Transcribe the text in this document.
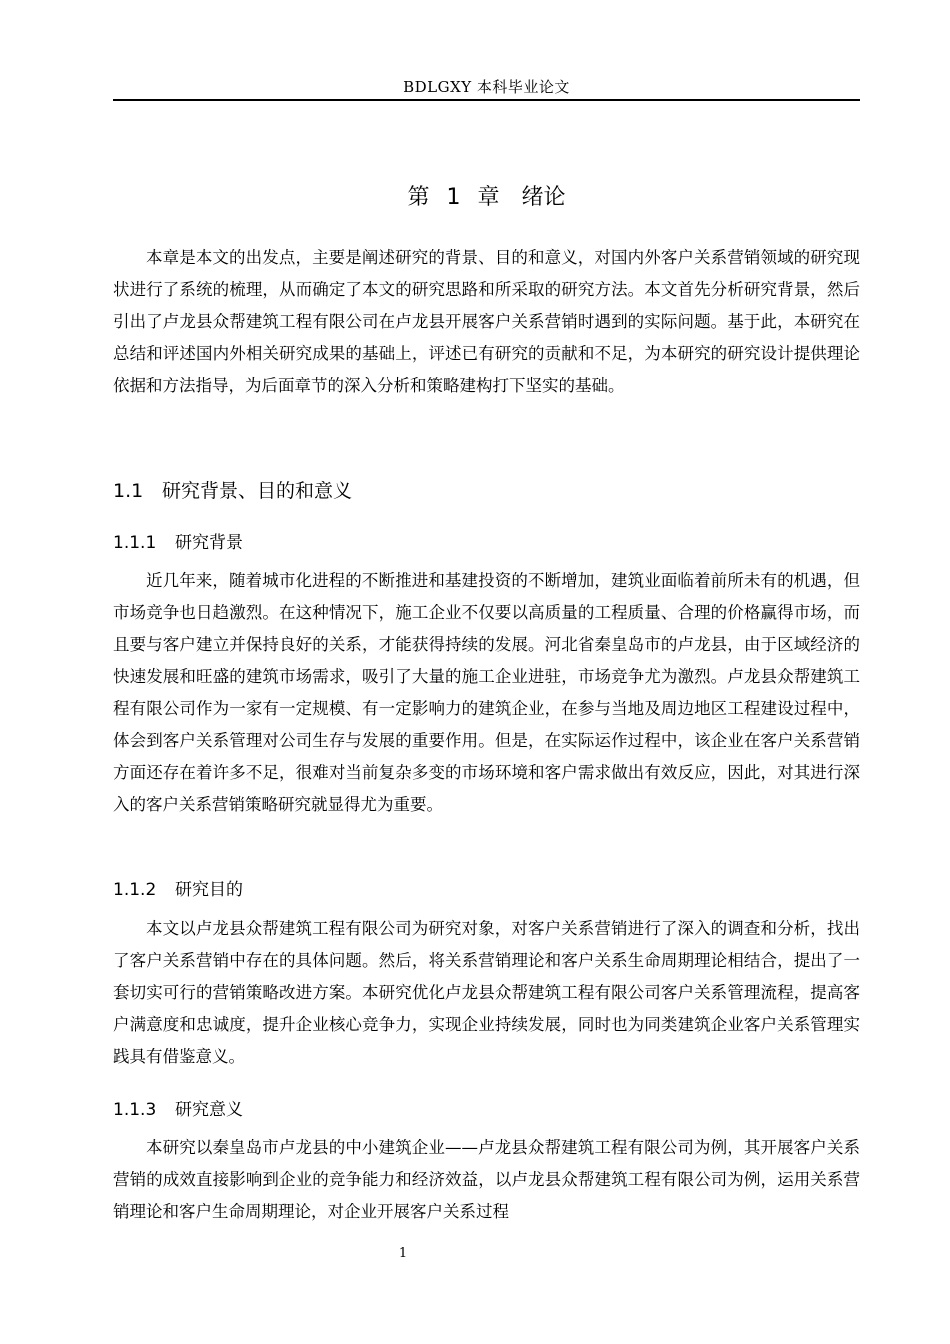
BDLGXY 本科毕业论文
第 1 章　绪论

本章是本文的出发点，主要是阐述研究的背景、目的和意义，对国内外客户关系营销领域的研究现状进行了系统的梳理，从而确定了本文的研究思路和所采取的研究方法。本文首先分析研究背景，然后引出了卢龙县众帮建筑工程有限公司在卢龙县开展客户关系营销时遇到的实际问题。基于此，本研究在总结和评述国内外相关研究成果的基础上，评述已有研究的贡献和不足，为本研究的研究设计提供理论依据和方法指导，为后面章节的深入分析和策略建构打下坚实的基础。

1.1 研究背景、目的和意义
1.1.1 研究背景

近几年来，随着城市化进程的不断推进和基建投资的不断增加，建筑业面临着前所未有的机遇，但市场竞争也日趋激烈。在这种情况下，施工企业不仅要以高质量的工程质量、合理的价格赢得市场，而且要与客户建立并保持良好的关系，才能获得持续的发展。河北省秦皇岛市的卢龙县，由于区域经济的快速发展和旺盛的建筑市场需求，吸引了大量的施工企业进驻，市场竞争尤为激烈。卢龙县众帮建筑工程有限公司作为一家有一定规模、有一定影响力的建筑企业，在参与当地及周边地区工程建设过程中，体会到客户关系管理对公司生存与发展的重要作用。但是，在实际运作过程中，该企业在客户关系营销方面还存在着许多不足，很难对当前复杂多变的市场环境和客户需求做出有效反应，因此，对其进行深入的客户关系营销策略研究就显得尤为重要。

1.1.2 研究目的

本文以卢龙县众帮建筑工程有限公司为研究对象，对客户关系营销进行了深入的调查和分析，找出了客户关系营销中存在的具体问题。然后，将关系营销理论和客户关系生命周期理论相结合，提出了一套切实可行的营销策略改进方案。本研究优化卢龙县众帮建筑工程有限公司客户关系管理流程，提高客户满意度和忠诚度，提升企业核心竞争力，实现企业持续发展，同时也为同类建筑企业客户关系管理实践具有借鉴意义。

1.1.3 研究意义

本研究以秦皇岛市卢龙县的中小建筑企业——卢龙县众帮建筑工程有限公司为例，其开展客户关系营销的成效直接影响到企业的竞争能力和经济效益，以卢龙县众帮建筑工程有限公司为例，运用关系营销理论和客户生命周期理论，对企业开展客户关系过程

1
